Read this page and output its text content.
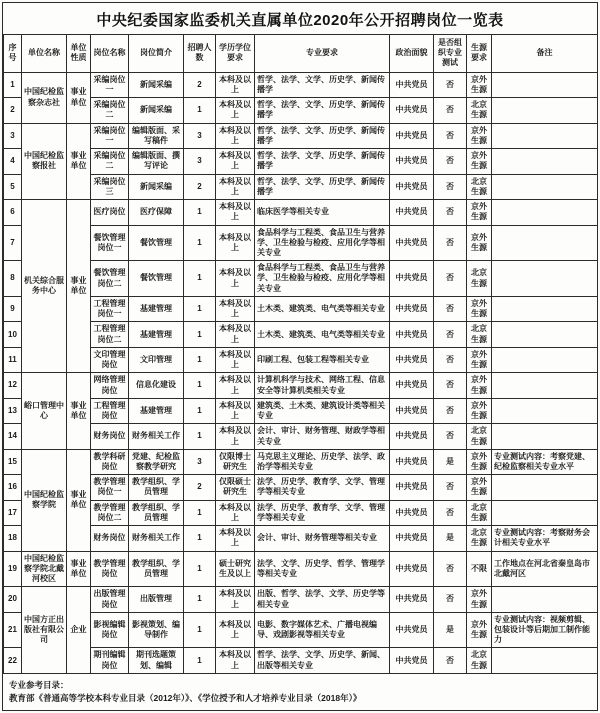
中央纪委国家监委机关直属单位2020年公开招聘岗位一览表
序号	单位名称	单位性质	岗位名称	岗位简介	招聘人数	学历学位要求	专业要求	政治面貌	是否组织专业测试	生源要求	备注
1	中国纪检监察杂志社	事业单位	采编岗位一	新闻采编	2	本科及以上	哲学、法学、文学、历史学、新闻传播学	中共党员	否	京外生源	
2			采编岗位二	新闻采编	1	本科及以上	哲学、法学、文学、历史学、新闻传播学	中共党员	否	北京生源	
3	中国纪检监察报社	事业单位	采编岗位一	编辑版面、采写稿件	3	本科及以上	哲学、法学、文学、历史学、新闻传播学	中共党员	否	京外生源	
4			采编岗位二	编辑版面、撰写评论	3	本科及以上	哲学、法学、文学、历史学、新闻传播学	中共党员	否	京外生源	
5			采编岗位三	新闻采编	2	本科及以上	哲学、法学、文学、历史学、新闻传播学	中共党员	否	北京生源	
6	机关综合服务中心	事业单位	医疗岗位	医疗保障	1	本科及以上	临床医学等相关专业	中共党员	否	京外生源	
7			餐饮管理岗位一	餐饮管理	1	本科及以上	食品科学与工程类、食品卫生与营养学、卫生检验与检疫、应用化学等相关专业	中共党员	否	京外生源	
8			餐饮管理岗位二	餐饮管理	1	本科及以上	食品科学与工程类、食品卫生与营养学、卫生检验与检疫、应用化学等相关专业	中共党员	否	北京生源	
9			工程管理岗位一	基建管理	1	本科及以上	土木类、建筑类、电气类等相关专业	中共党员	否	京外生源	
10			工程管理岗位二	基建管理	1	本科及以上	土木类、建筑类、电气类等相关专业	中共党员	否	北京生源	
11			文印管理岗位	文印管理	1	本科及以上	印刷工程、包装工程等相关专业	中共党员	否	京外生源	
12	峪口管理中心	事业单位	网络管理岗位	信息化建设	1	本科及以上	计算机科学与技术、网络工程、信息安全等计算机类相关专业	中共党员	否	京外生源	
13			工程管理岗位	基建管理	1	本科及以上	建筑类、土木类、建筑设计类等相关专业	中共党员	否	京外生源	
14			财务岗位	财务相关工作	1	本科及以上	会计、审计、财务管理、财政学等相关专业	中共党员	否	北京生源	
15	中国纪检监察学院	事业单位	教学科研岗位	党建、纪检监察教学研究	3	仅限博士研究生	马克思主义理论、历史学、法学、政治学等相关专业	中共党员	是	京外生源	专业测试内容：考察党建、纪检监察相关专业水平
16			教学管理岗位一	教学组织、学员管理	2	仅限硕士研究生	法学、历史学、教育学、文学、管理学等相关专业	中共党员	否	京外生源	
17			教学管理岗位二	教学组织、学员管理	1	本科及以上	法学、历史学、教育学、文学、管理学等相关专业	中共党员	否	北京生源	
18			财务岗位	财务相关工作	1	本科及以上	会计、审计、财务管理等相关专业	中共党员	是	北京生源	专业测试内容：考察财务会计相关专业水平
19	中国纪检监察学院北戴河校区	事业单位	教学管理岗位	教学组织、学员管理	1	硕士研究生及以上	法学、文学、历史学、哲学、管理学等相关专业	中共党员	否	不限	工作地点在河北省秦皇岛市北戴河区
20	中国方正出版社有限公司	企业	出版管理岗位	出版管理	1	本科及以上	出版、哲学、法学、文学、历史学等相关专业	中共党员	否	京外生源	
21			影视编辑岗位	影视策划、编导制作	1	本科及以上	电影、数字媒体艺术、广播电视编导、戏剧影视等相关专业	中共党员	是	京外生源	专业测试内容：视频剪辑、包装设计等后期加工制作能力
22			期刊编辑岗位	期刊选题策划、编辑	1	本科及以上	哲学、法学、文学、历史学、新闻、出版等相关专业	中共党员	否	北京生源	
专业参考目录：
教育部《普通高等学校本科专业目录（2012年）》、《学位授予和人才培养专业目录（2018年）》
